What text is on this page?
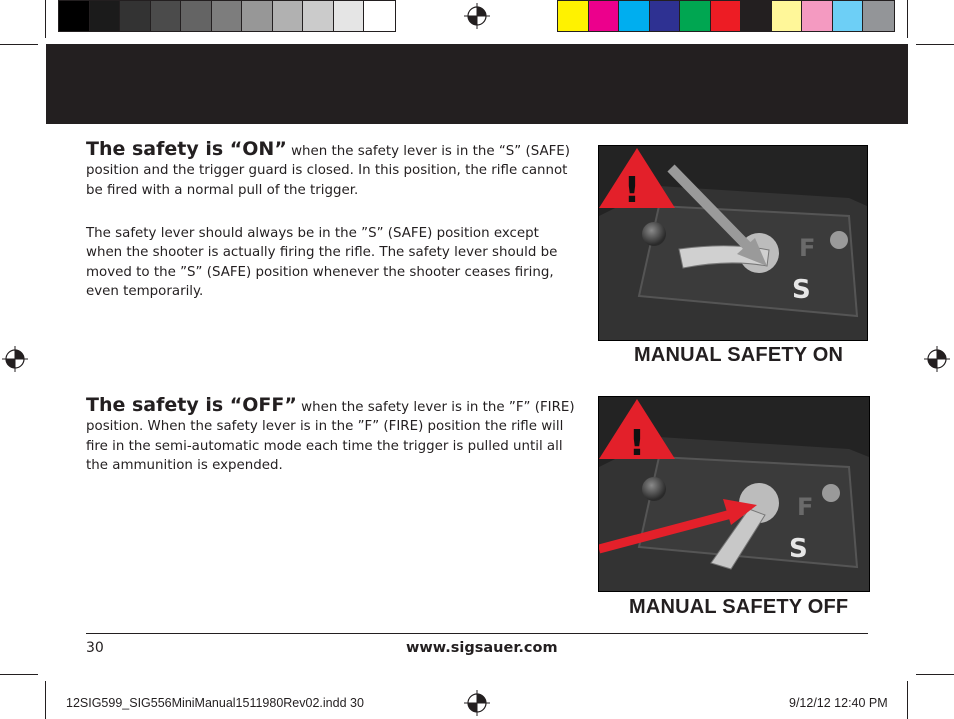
The safety is “ON” when the safety lever is in the “S” (SAFE) position and the trigger guard is closed. In this position, the rifle cannot be fired with a normal pull of the trigger.

The safety lever should always be in the ”S” (SAFE) position except when the shooter is actually firing the rifle. The safety lever should be moved to the ”S” (SAFE) position whenever the shooter ceases firing, even temporarily.

F
S
!
MANUAL SAFETY ON
The safety is “OFF” when the safety lever is in the ”F” (FIRE) position. When the safety lever is in the ”F” (FIRE) position the rifle will fire in the semi-automatic mode each time the trigger is pulled until all the ammunition is expended.
F
S
!
MANUAL SAFETY OFF
30	www.sigsauer.com
12SIG599_SIG556MiniManual1511980Rev02.indd 30	9/12/12 12:40 PM
